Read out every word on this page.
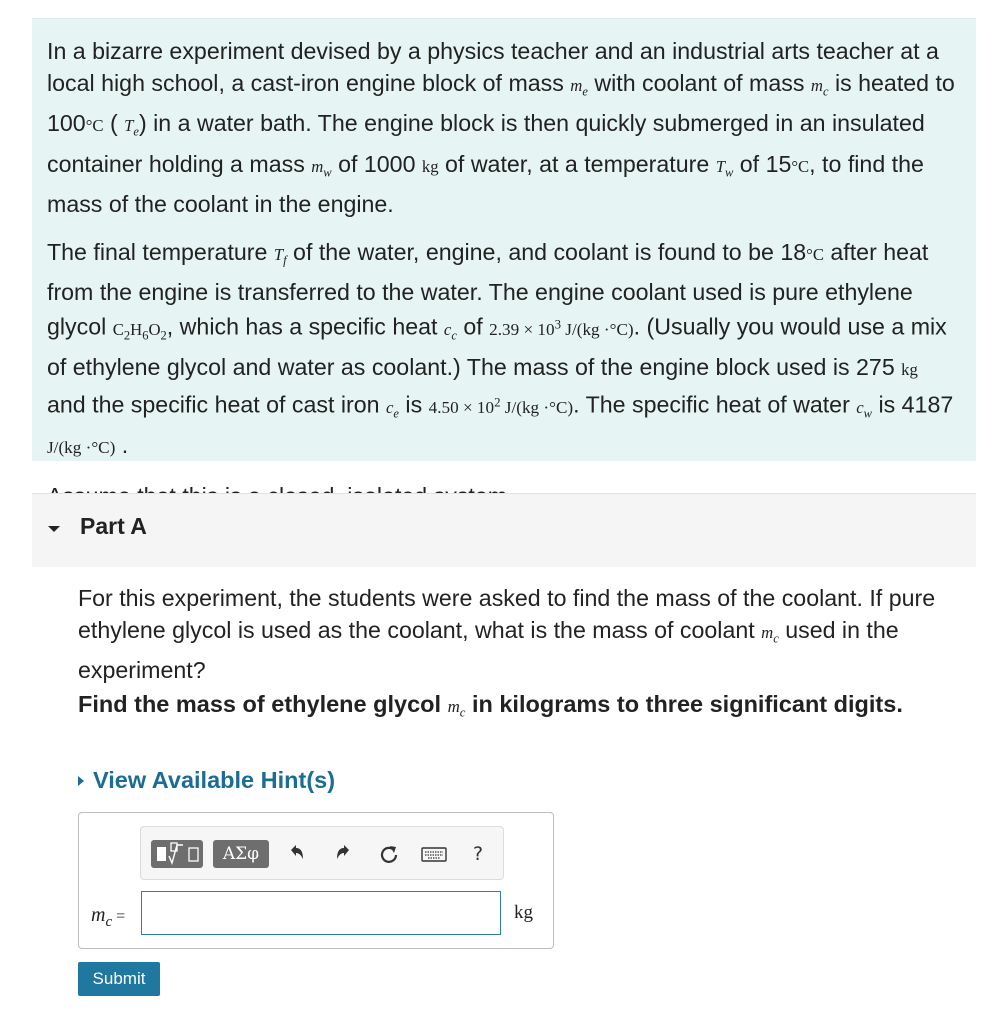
In a bizarre experiment devised by a physics teacher and an industrial arts teacher at a local high school, a cast-iron engine block of mass $m_e$ with coolant of mass $m_c$ is heated to 100°C ( $T_e$) in a water bath. The engine block is then quickly submerged in an insulated container holding a mass $m_w$ of 1000 kg of water, at a temperature $T_w$ of 15°C, to find the mass of the coolant in the engine.

The final temperature $T_f$ of the water, engine, and coolant is found to be 18°C after heat from the engine is transferred to the water. The engine coolant used is pure ethylene glycol $C_2H_6O_2$, which has a specific heat $c_c$ of $2.39 \times 10^3$ J/(kg ·°C). (Usually you would use a mix of ethylene glycol and water as coolant.) The mass of the engine block used is 275 kg and the specific heat of cast iron $c_e$ is $4.50 \times 10^2$ J/(kg ·°C). The specific heat of water $c_w$ is 4187 J/(kg ·°C) .

Part A

For this experiment, the students were asked to find the mass of the coolant. If pure ethylene glycol is used as the coolant, what is the mass of coolant $m_c$ used in the experiment?

Find the mass of ethylene glycol $m_c$ in kilograms to three significant digits.
View Available Hint(s)
ΑΣφ	?
$m_c$ =	kg
Submit
